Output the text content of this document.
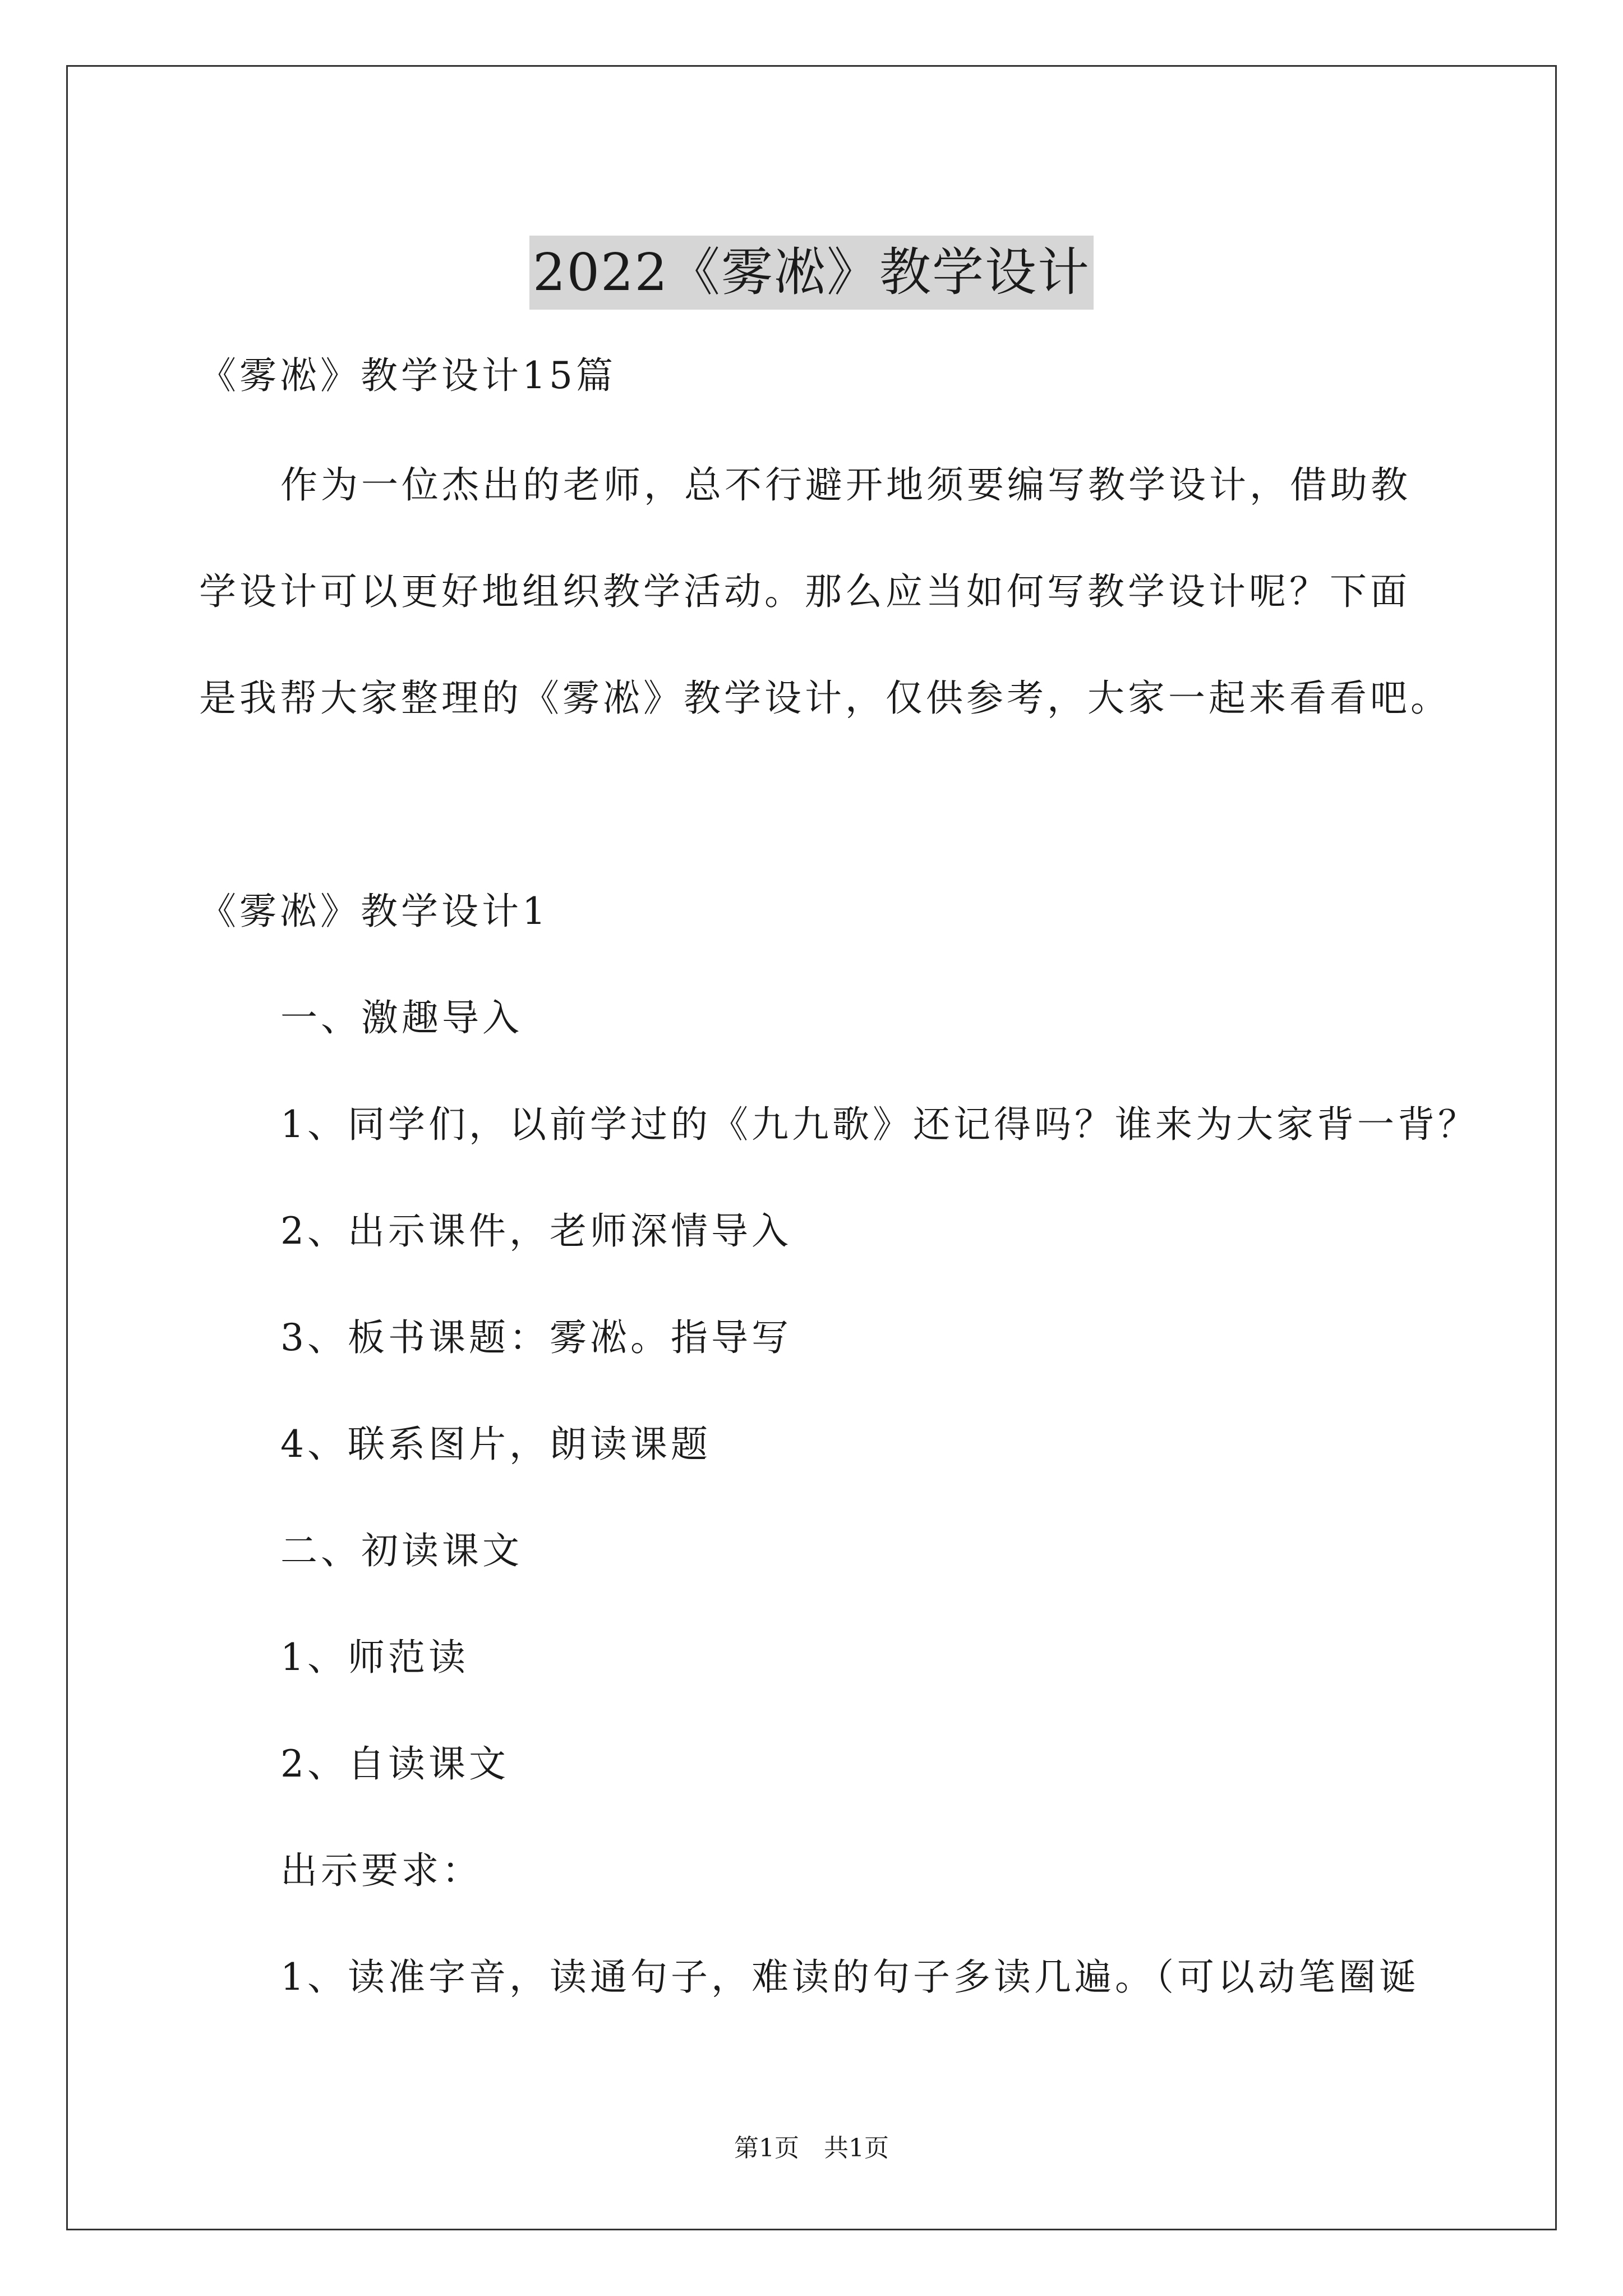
2022《雾凇》教学设计
《雾凇》教学设计15篇
作为一位杰出的老师，总不行避开地须要编写教学设计，借助教
学设计可以更好地组织教学活动。那么应当如何写教学设计呢？下面
是我帮大家整理的《雾凇》教学设计，仅供参考，大家一起来看看吧。
《雾凇》教学设计1
一、激趣导入
1、同学们，以前学过的《九九歌》还记得吗？谁来为大家背一背？
2、出示课件，老师深情导入
3、板书课题：雾凇。指导写
4、联系图片，朗读课题
二、初读课文
1、师范读
2、自读课文
出示要求：
1、读准字音，读通句子，难读的句子多读几遍。（可以动笔圈诞
第1页　共1页
